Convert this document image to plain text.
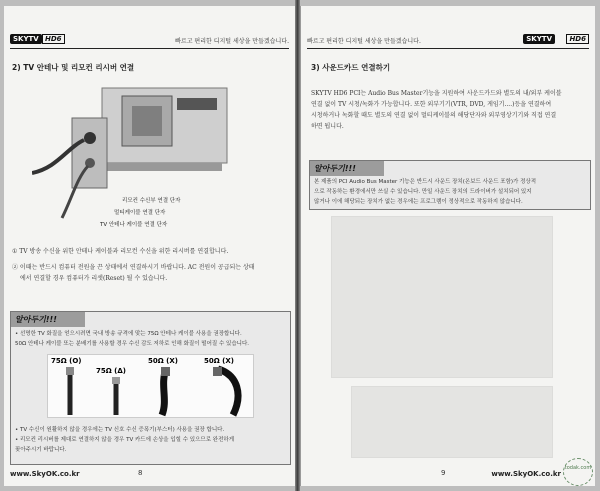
SKYTV HD6	빠르고 편리한 디지털 세상을 만들겠습니다.
2) TV 안테나 및 리모컨 리시버 연결
리모컨 수신부 연결 단자
멀티케이블 연결 단자
TV 안테나 케이블 연결 단자
① TV 방송 수신을 위한 안테나 케이블과 리모컨 수신을 위한 리시버를 연결합니다.
② 이때는 반드시 컴퓨터 전원을 끈 상태에서 연결하시기 바랍니다. AC 전원이 공급되는 상태
에서 연결할 경우 컴퓨터가 리셋(Reset) 될 수 있습니다.
알아두기!!!
• 선명한 TV 화질을 얻으시려면 국내 방송 규격에 맞는 75Ω 안테나 케이블 사용을 권장합니다.
50Ω 안테나 케이블 또는 분배기를 사용할 경우 수신 감도 저하로 인해 화질이 떨어질 수 있습니다.
75Ω (O)
75Ω (Δ)
50Ω (X)	50Ω (X)
• TV 수신이 원활하지 않을 경우에는 TV 신호 수신 증폭기(부스터) 사용을 권장 합니다.
• 리모컨 리시버를 제대로 연결하지 않을 경우 TV 카드에 손상을 입힐 수 있으므로 완전하게
꽂아주시기 바랍니다.
www.SkyOK.co.kr	8
빠르고 편리한 디지털 세상을 만들겠습니다.	SKYTV	HD6
3) 사운드카드 연결하기
SKYTV HD6 PCI는 Audio Bus Master기능을 지원하여 사운드카드와 별도의 내/외부 케이블
연결 없이 TV 시청/녹화가 가능합니다. 또한 외부기기(VTR, DVD, 게임기....)등을 연결하여
시청하거나 녹화할 때도 별도의 연결 없이 멀티케이블의 해당단자와 외부영상기기와 직접 연결
하면 됩니다.
알아두기!!!
본 제품의 PCI Audio Bus Master 기능은 반드시 사운드 장치(온보드 사운드 포함)가 정상적
으로 작동하는 환경에서만 쓰실 수 있습니다. 만일 사운드 장치의 드라이버가 설치되어 있지
않거나 이에 해당되는 장치가 없는 경우에는 프로그램이 정상적으로 작동하지 않습니다.
www.SkyOK.co.kr
9
todak.com
